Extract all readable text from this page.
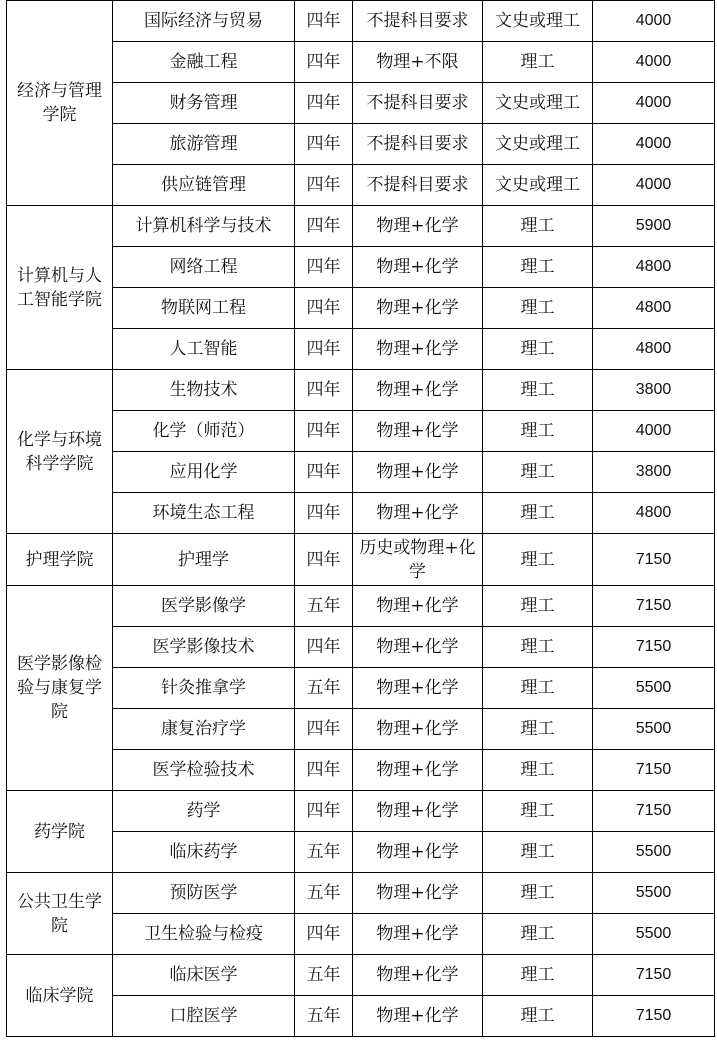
经济与管理学院	国际经济与贸易	四年	不提科目要求	文史或理工	4000
	金融工程	四年	物理+不限	理工	4000
	财务管理	四年	不提科目要求	文史或理工	4000
	旅游管理	四年	不提科目要求	文史或理工	4000
	供应链管理	四年	不提科目要求	文史或理工	4000
计算机与人工智能学院	计算机科学与技术	四年	物理+化学	理工	5900
	网络工程	四年	物理+化学	理工	4800
	物联网工程	四年	物理+化学	理工	4800
	人工智能	四年	物理+化学	理工	4800
化学与环境科学学院	生物技术	四年	物理+化学	理工	3800
	化学（师范）	四年	物理+化学	理工	4000
	应用化学	四年	物理+化学	理工	3800
	环境生态工程	四年	物理+化学	理工	4800
护理学院	护理学	四年	历史或物理+化学	理工	7150
医学影像检验与康复学院	医学影像学	五年	物理+化学	理工	7150
	医学影像技术	四年	物理+化学	理工	7150
	针灸推拿学	五年	物理+化学	理工	5500
	康复治疗学	四年	物理+化学	理工	5500
	医学检验技术	四年	物理+化学	理工	7150
药学院	药学	四年	物理+化学	理工	7150
	临床药学	五年	物理+化学	理工	5500
公共卫生学院	预防医学	五年	物理+化学	理工	5500
	卫生检验与检疫	四年	物理+化学	理工	5500
临床学院	临床医学	五年	物理+化学	理工	7150
	口腔医学	五年	物理+化学	理工	7150
